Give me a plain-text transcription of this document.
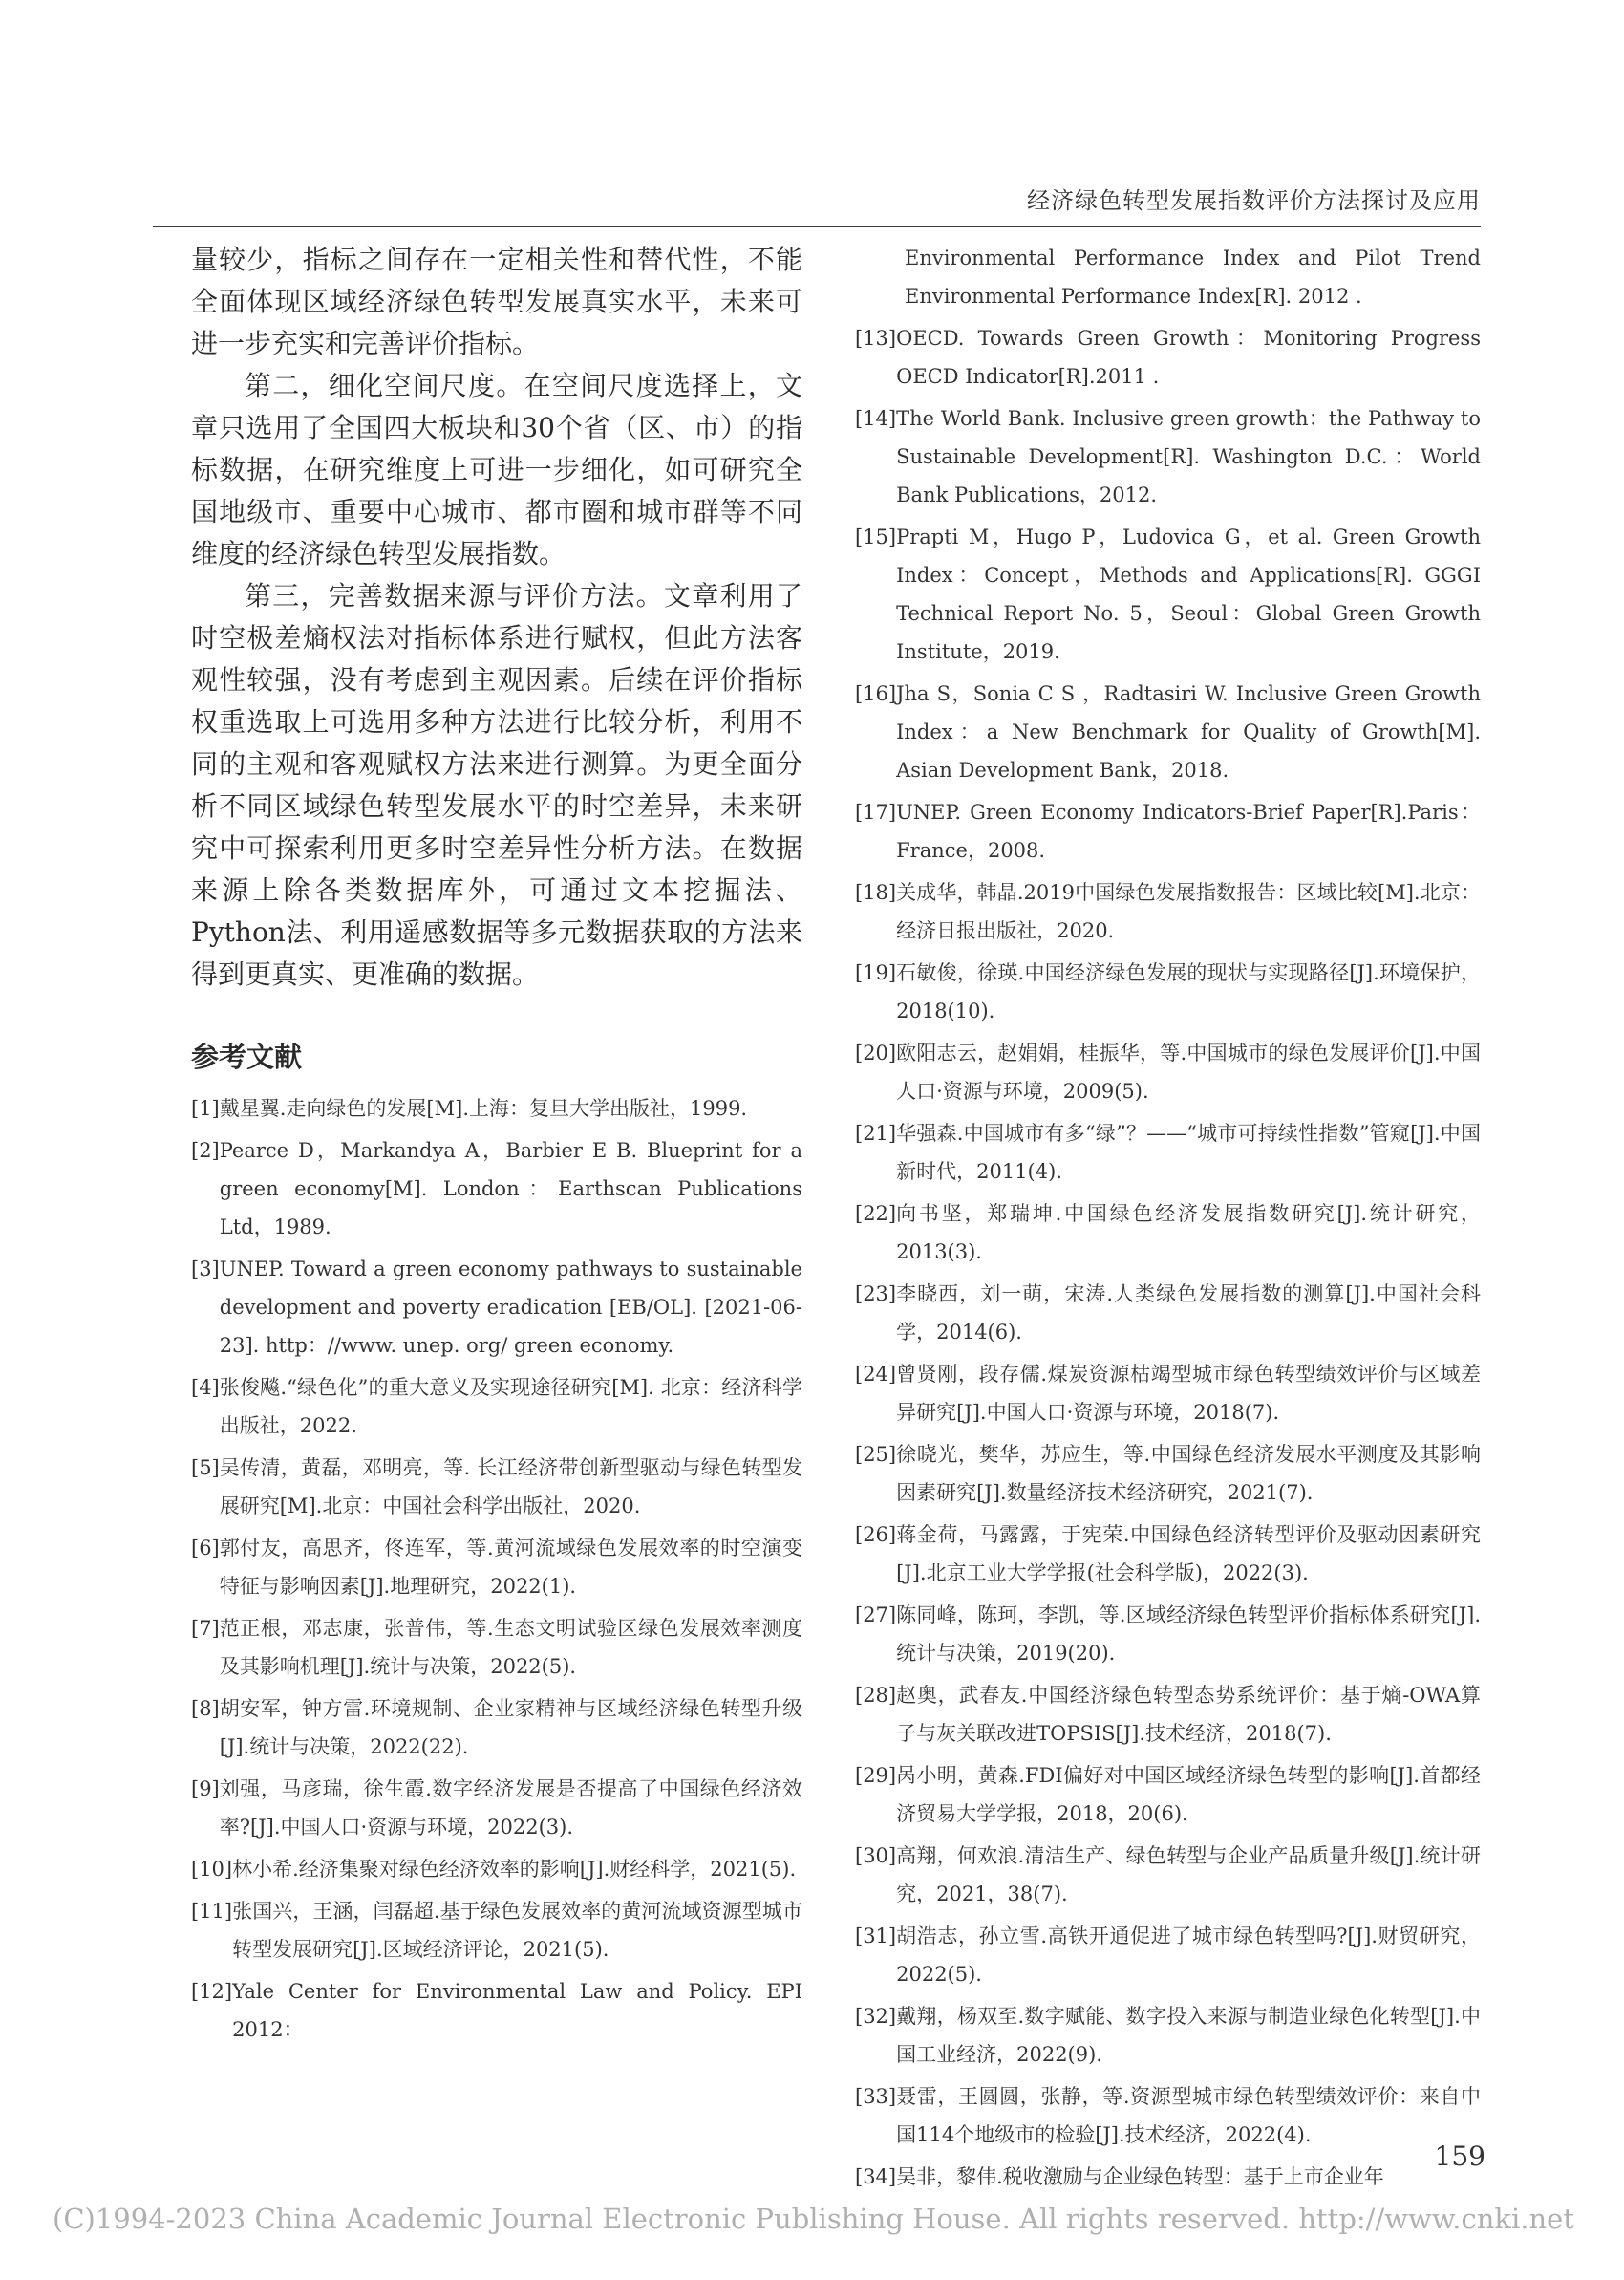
经济绿色转型发展指数评价方法探讨及应用

量较少，指标之间存在一定相关性和替代性，不能全面体现区域经济绿色转型发展真实水平，未来可进一步充实和完善评价指标。

第二，细化空间尺度。在空间尺度选择上，文章只选用了全国四大板块和30个省（区、市）的指标数据，在研究维度上可进一步细化，如可研究全国地级市、重要中心城市、都市圈和城市群等不同维度的经济绿色转型发展指数。

第三，完善数据来源与评价方法。文章利用了时空极差熵权法对指标体系进行赋权，但此方法客观性较强，没有考虑到主观因素。后续在评价指标权重选取上可选用多种方法进行比较分析，利用不同的主观和客观赋权方法来进行测算。为更全面分析不同区域绿色转型发展水平的时空差异，未来研究中可探索利用更多时空差异性分析方法。在数据来源上除各类数据库外，可通过文本挖掘法、Python法、利用遥感数据等多元数据获取的方法来得到更真实、更准确的数据。

参考文献
[1] 戴星翼.走向绿色的发展[M].上海：复旦大学出版社，1999.
[2] Pearce D，Markandya A，Barbier E B. Blueprint for a green economy[M]. London：Earthscan Publications Ltd，1989.
[3] UNEP. Toward a green economy pathways to sustainable development and poverty eradication [EB/OL]. [2021-06-23]. http：//www. unep. org/ green economy.
[4] 张俊飚.“绿色化”的重大意义及实现途径研究[M]. 北京：经济科学出版社，2022.
[5] 吴传清，黄磊，邓明亮，等. 长江经济带创新型驱动与绿色转型发展研究[M].北京：中国社会科学出版社，2020.
[6] 郭付友，高思齐，佟连军，等.黄河流域绿色发展效率的时空演变特征与影响因素[J].地理研究，2022(1).
[7] 范正根，邓志康，张普伟，等.生态文明试验区绿色发展效率测度及其影响机理[J].统计与决策，2022(5).
[8] 胡安军，钟方雷.环境规制、企业家精神与区域经济绿色转型升级[J].统计与决策，2022(22).
[9] 刘强，马彦瑞，徐生霞.数字经济发展是否提高了中国绿色经济效率?[J].中国人口·资源与环境，2022(3).
[10] 林小希.经济集聚对绿色经济效率的影响[J].财经科学，2021(5).
[11] 张国兴，王涵，闫磊超.基于绿色发展效率的黄河流域资源型城市转型发展研究[J].区域经济评论，2021(5).
[12] Yale Center for Environmental Law and Policy. EPI 2012：
Environmental Performance Index and Pilot Trend Environmental Performance Index[R]. 2012 .
[13] OECD. Towards Green Growth：Monitoring Progress OECD Indicator[R].2011 .
[14] The World Bank. Inclusive green growth：the Pathway to Sustainable Development[R]. Washington D.C.：World Bank Publications，2012.
[15] Prapti M，Hugo P，Ludovica G，et al. Green Growth Index：Concept，Methods and Applications[R]. GGGI Technical Report No. 5，Seoul：Global Green Growth Institute，2019.
[16] Jha S，Sonia C S ，Radtasiri W. Inclusive Green Growth Index：a New Benchmark for Quality of Growth[M]. Asian Development Bank，2018.
[17] UNEP. Green Economy Indicators-Brief Paper[R].Paris：France，2008.
[18] 关成华，韩晶.2019中国绿色发展指数报告：区域比较[M].北京：经济日报出版社，2020.
[19] 石敏俊，徐瑛.中国经济绿色发展的现状与实现路径[J].环境保护，2018(10).
[20] 欧阳志云，赵娟娟，桂振华，等.中国城市的绿色发展评价[J].中国人口·资源与环境，2009(5).
[21] 华强森.中国城市有多“绿”？——“城市可持续性指数”管窥[J].中国新时代，2011(4).
[22] 向书坚，郑瑞坤.中国绿色经济发展指数研究[J].统计研究，2013(3).
[23] 李晓西，刘一萌，宋涛.人类绿色发展指数的测算[J].中国社会科学，2014(6).
[24] 曾贤刚，段存儒.煤炭资源枯竭型城市绿色转型绩效评价与区域差异研究[J].中国人口·资源与环境，2018(7).
[25] 徐晓光，樊华，苏应生，等.中国绿色经济发展水平测度及其影响因素研究[J].数量经济技术经济研究，2021(7).
[26] 蒋金荷，马露露，于宪荣.中国绿色经济转型评价及驱动因素研究[J].北京工业大学学报(社会科学版)，2022(3).
[27] 陈同峰，陈珂，李凯，等.区域经济绿色转型评价指标体系研究[J].统计与决策，2019(20).
[28] 赵奥，武春友.中国经济绿色转型态势系统评价：基于熵-OWA算子与灰关联改进TOPSIS[J].技术经济，2018(7).
[29] 呙小明，黄森.FDI偏好对中国区域经济绿色转型的影响[J].首都经济贸易大学学报，2018，20(6).
[30] 高翔，何欢浪.清洁生产、绿色转型与企业产品质量升级[J].统计研究，2021，38(7).
[31] 胡浩志，孙立雪.高铁开通促进了城市绿色转型吗?[J].财贸研究，2022(5).
[32] 戴翔，杨双至.数字赋能、数字投入来源与制造业绿色化转型[J].中国工业经济，2022(9).
[33] 聂雷，王圆圆，张静，等.资源型城市绿色转型绩效评价：来自中国114个地级市的检验[J].技术经济，2022(4).
[34] 吴非，黎伟.税收激励与企业绿色转型：基于上市企业年
159
(C)1994-2023 China Academic Journal Electronic Publishing House. All rights reserved. http://www.cnki.net
